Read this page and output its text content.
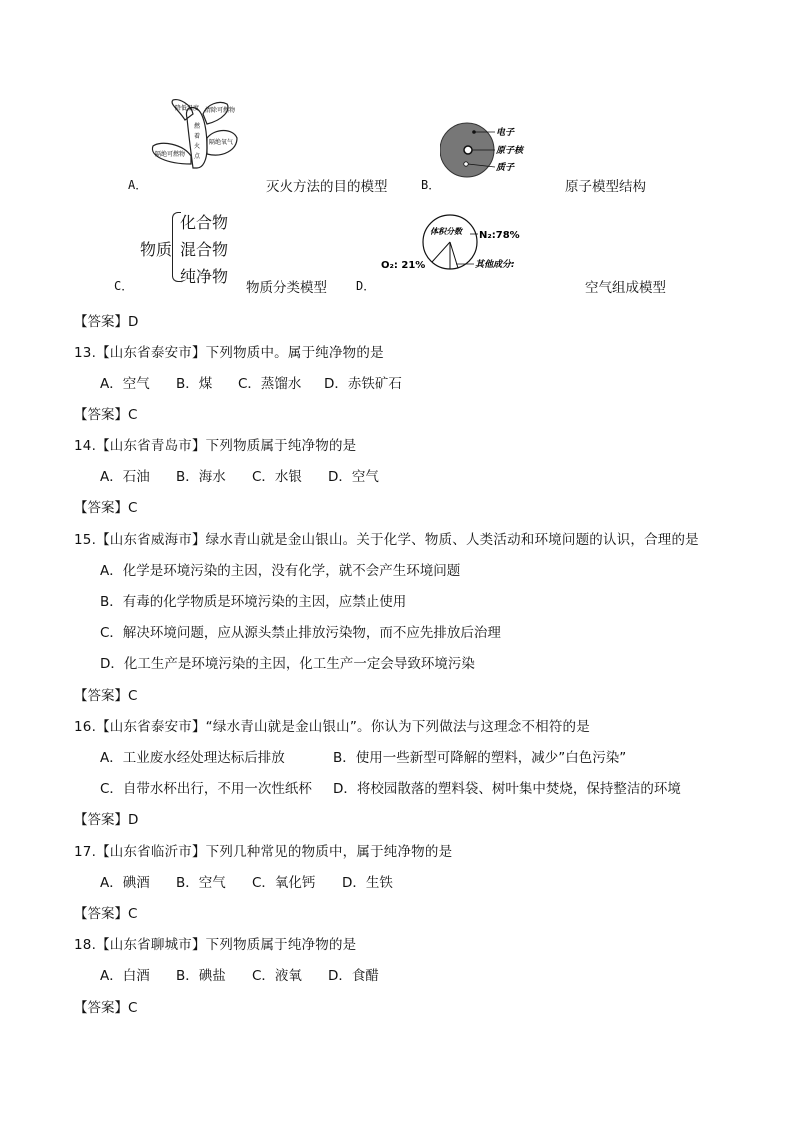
隔绝可燃物
降低温度
隔绝氧气
清除可燃物
燃
着
火
点
A．	灭火方法的目的模型
电子
原子核
质子
B．	原子模型结构
物质
化合物
混合物
纯净物
C．	物质分类模型
体积分数 N₂:78%
O₂: 21%	其他成分:
D．	空气组成模型
【答案】D
13.【山东省泰安市】下列物质中。属于纯净物的是
A．空气 B．煤 C．蒸馏水 D．赤铁矿石
【答案】C
14.【山东省青岛市】下列物质属于纯净物的是
A．石油 B．海水 C．水银 D．空气
【答案】C
15.【山东省威海市】绿水青山就是金山银山。关于化学、物质、人类活动和环境问题的认识，合理的是
A．化学是环境污染的主因，没有化学，就不会产生环境问题
B．有毒的化学物质是环境污染的主因，应禁止使用
C．解决环境问题，应从源头禁止排放污染物，而不应先排放后治理
D．化工生产是环境污染的主因，化工生产一定会导致环境污染
【答案】C
16.【山东省泰安市】“绿水青山就是金山银山”。你认为下列做法与这理念不相符的是
A．工业废水经处理达标后排放	B．使用一些新型可降解的塑料，减少”白色污染”
C．自带水杯出行，不用一次性纸杯 D．将校园散落的塑料袋、树叶集中焚烧，保持整洁的环境
【答案】D
17.【山东省临沂市】下列几种常见的物质中，属于纯净物的是
A．碘酒 B．空气 C．氧化钙 D．生铁
【答案】C
18.【山东省聊城市】下列物质属于纯净物的是
A．白酒 B．碘盐 C．液氧 D．食醋
【答案】C
